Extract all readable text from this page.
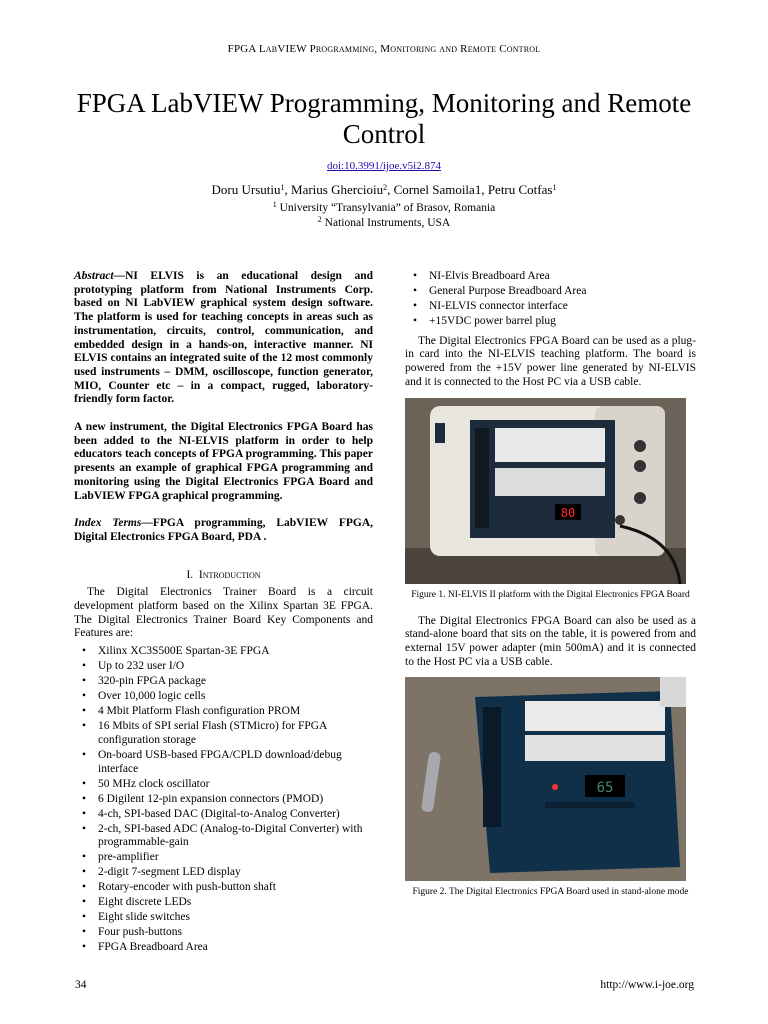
FPGA LabVIEW Programming, Monitoring and Remote Control
FPGA LabVIEW Programming, Monitoring and Remote Control
doi:10.3991/ijoe.v5i2.874
Doru Ursutiu$^1$, Marius Ghercioiu$^2$, Cornel Samoila1, Petru Cotfas$^1$
$^1$ University “Transylvania” of Brasov, Romania
$^2$ National Instruments, USA

Abstract—NI ELVIS is an educational design and prototyping platform from National Instruments Corp. based on NI LabVIEW graphical system design software. The platform is used for teaching concepts in areas such as instrumentation, circuits, control, communication, and embedded design in a hands-on, interactive manner. NI ELVIS contains an integrated suite of the 12 most commonly used instruments – DMM, oscilloscope, function generator, MIO, Counter etc – in a compact, rugged, laboratory-friendly form factor.

A new instrument, the Digital Electronics FPGA Board has been added to the NI-ELVIS platform in order to help educators teach concepts of FPGA programming. This paper presents an example of graphical FPGA programming and monitoring using the Digital Electronics FPGA Board and LabVIEW FPGA graphical programming.

Index Terms—FPGA programming, LabVIEW FPGA, Digital Electronics FPGA Board, PDA .

I. Introduction

The Digital Electronics Trainer Board is a circuit development platform based on the Xilinx Spartan 3E FPGA. The Digital Electronics Trainer Board Key Components and Features are:

• Xilinx XC3S500E Spartan-3E FPGA
• Up to 232 user I/O
• 320-pin FPGA package
• Over 10,000 logic cells
• 4 Mbit Platform Flash configuration PROM
• 16 Mbits of SPI serial Flash (STMicro) for FPGA configuration storage
• On-board USB-based FPGA/CPLD download/debug interface
• 50 MHz clock oscillator
• 6 Digilent 12-pin expansion connectors (PMOD)
• 4-ch, SPI-based DAC (Digital-to-Analog Converter)
• 2-ch, SPI-based ADC (Analog-to-Digital Converter) with programmable-gain
• pre-amplifier
• 2-digit 7-segment LED display
• Rotary-encoder with push-button shaft
• Eight discrete LEDs
• Eight slide switches
• Four push-buttons
• FPGA Breadboard Area
• NI-Elvis Breadboard Area
• General Purpose Breadboard Area
• NI-ELVIS connector interface
• +15VDC power barrel plug

The Digital Electronics FPGA Board can be used as a plug-in card into the NI-ELVIS teaching platform. The board is powered from the +15V power line generated by NI-ELVIS and it is connected to the Host PC via a USB cable.

80
Figure 1. NI-ELVIS II platform with the Digital Electronics FPGA Board

The Digital Electronics FPGA Board can also be used as a stand-alone board that sits on the table, it is powered from and external 15V power adapter (min 500mA) and it is connected to the Host PC via a USB cable.

65
Figure 2. The Digital Electronics FPGA Board used in stand-alone mode
34	http://www.i-joe.org
